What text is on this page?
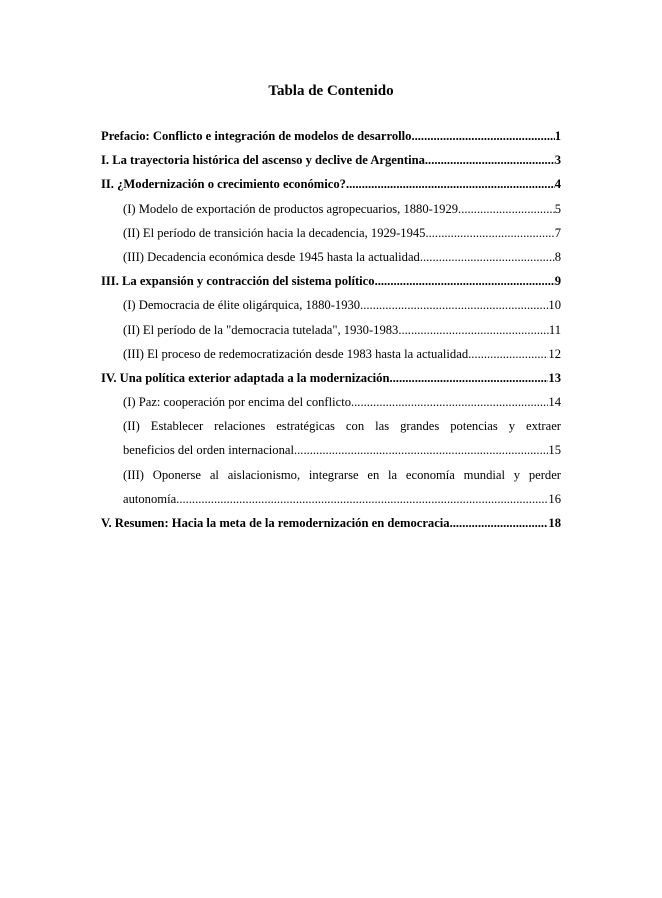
Tabla de Contenido
Prefacio: Conflicto e integración de modelos de desarrollo .....	1
I. La trayectoria histórica del ascenso y declive de Argentina .....	3
II. ¿Modernización o crecimiento económico? .....	4
(I) Modelo de exportación de productos agropecuarios, 1880-1929 .....	5
(II) El período de transición hacia la decadencia, 1929-1945 .....	7
(III) Decadencia económica desde 1945 hasta la actualidad .....	8
III. La expansión y contracción del sistema político .....	9
(I) Democracia de élite oligárquica, 1880-1930 .....	10
(II) El período de la "democracia tutelada", 1930-1983 .....	11
(III) El proceso de redemocratización desde 1983 hasta la actualidad .....	12
IV. Una política exterior adaptada a la modernización .....	13
(I) Paz: cooperación por encima del conflicto .....	14
(II) Establecer relaciones estratégicas con las grandes potencias y extraer
beneficios del orden internacional .....	15
(III) Oponerse al aislacionismo, integrarse en la economía mundial y perder
autonomía .....	16
V. Resumen: Hacia la meta de la remodernización en democracia .....	18
